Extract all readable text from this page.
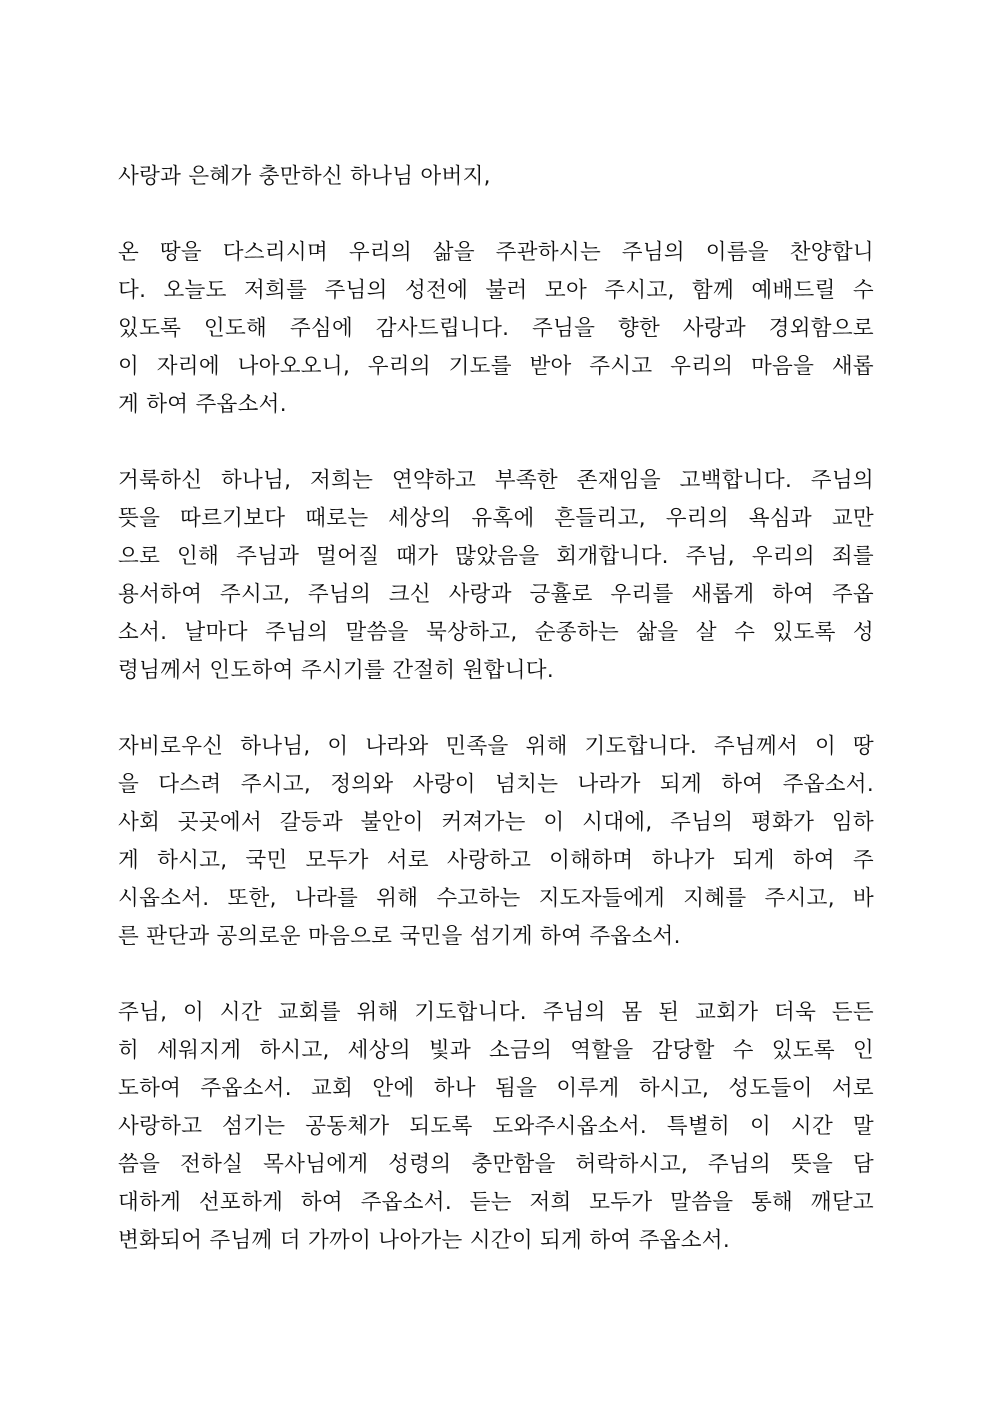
사랑과 은혜가 충만하신 하나님 아버지,
온 땅을 다스리시며 우리의 삶을 주관하시는 주님의 이름을 찬양합니
다. 오늘도 저희를 주님의 성전에 불러 모아 주시고, 함께 예배드릴 수
있도록 인도해 주심에 감사드립니다. 주님을 향한 사랑과 경외함으로
이 자리에 나아오오니, 우리의 기도를 받아 주시고 우리의 마음을 새롭
게 하여 주옵소서.
거룩하신 하나님, 저희는 연약하고 부족한 존재임을 고백합니다. 주님의
뜻을 따르기보다 때로는 세상의 유혹에 흔들리고, 우리의 욕심과 교만
으로 인해 주님과 멀어질 때가 많았음을 회개합니다. 주님, 우리의 죄를
용서하여 주시고, 주님의 크신 사랑과 긍휼로 우리를 새롭게 하여 주옵
소서. 날마다 주님의 말씀을 묵상하고, 순종하는 삶을 살 수 있도록 성
령님께서 인도하여 주시기를 간절히 원합니다.
자비로우신 하나님, 이 나라와 민족을 위해 기도합니다. 주님께서 이 땅
을 다스려 주시고, 정의와 사랑이 넘치는 나라가 되게 하여 주옵소서.
사회 곳곳에서 갈등과 불안이 커져가는 이 시대에, 주님의 평화가 임하
게 하시고, 국민 모두가 서로 사랑하고 이해하며 하나가 되게 하여 주
시옵소서. 또한, 나라를 위해 수고하는 지도자들에게 지혜를 주시고, 바
른 판단과 공의로운 마음으로 국민을 섬기게 하여 주옵소서.
주님, 이 시간 교회를 위해 기도합니다. 주님의 몸 된 교회가 더욱 든든
히 세워지게 하시고, 세상의 빛과 소금의 역할을 감당할 수 있도록 인
도하여 주옵소서. 교회 안에 하나 됨을 이루게 하시고, 성도들이 서로
사랑하고 섬기는 공동체가 되도록 도와주시옵소서. 특별히 이 시간 말
씀을 전하실 목사님에게 성령의 충만함을 허락하시고, 주님의 뜻을 담
대하게 선포하게 하여 주옵소서. 듣는 저희 모두가 말씀을 통해 깨닫고
변화되어 주님께 더 가까이 나아가는 시간이 되게 하여 주옵소서.
